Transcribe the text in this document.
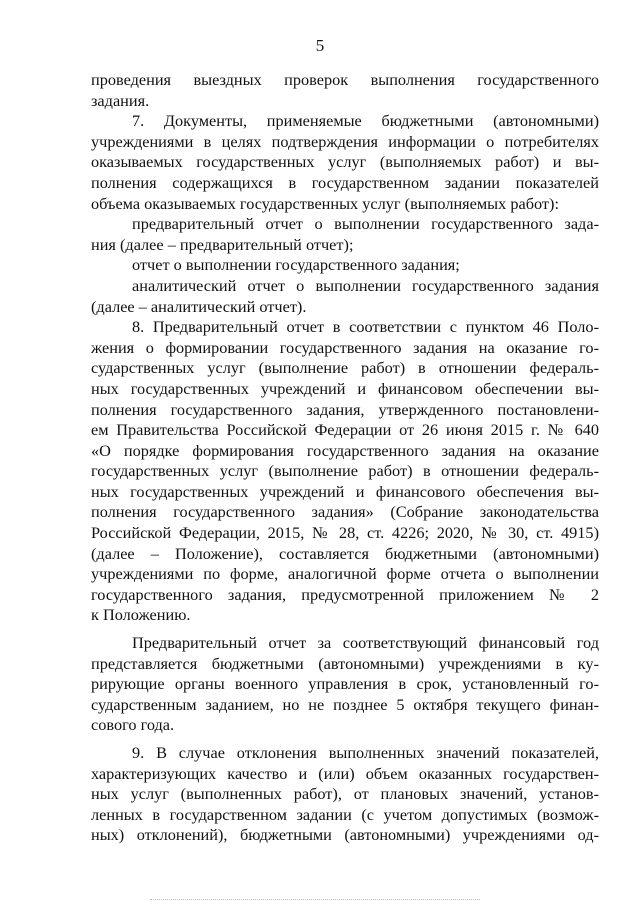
5
проведения выездных проверок выполнения государственного
задания.
7. Документы, применяемые бюджетными (автономными)
учреждениями в целях подтверждения информации о потребителях
оказываемых государственных услуг (выполняемых работ) и вы-
полнения содержащихся в государственном задании показателей
объема оказываемых государственных услуг (выполняемых работ):
предварительный отчет о выполнении государственного зада-
ния (далее – предварительный отчет);
отчет о выполнении государственного задания;
аналитический отчет о выполнении государственного задания
(далее – аналитический отчет).
8. Предварительный отчет в соответствии с пунктом 46 Поло-
жения о формировании государственного задания на оказание го-
сударственных услуг (выполнение работ) в отношении федераль-
ных государственных учреждений и финансовом обеспечении вы-
полнения государственного задания, утвержденного постановлени-
ем Правительства Российской Федерации от 26 июня 2015 г. № 640
«О порядке формирования государственного задания на оказание
государственных услуг (выполнение работ) в отношении федераль-
ных государственных учреждений и финансового обеспечения вы-
полнения государственного задания» (Собрание законодательства
Российской Федерации, 2015, № 28, ст. 4226; 2020, № 30, ст. 4915)
(далее – Положение), составляется бюджетными (автономными)
учреждениями по форме, аналогичной форме отчета о выполнении
государственного задания, предусмотренной приложением № 2
к Положению.
Предварительный отчет за соответствующий финансовый год
представляется бюджетными (автономными) учреждениями в ку-
рирующие органы военного управления в срок, установленный го-
сударственным заданием, но не позднее 5 октября текущего финан-
сового года.
9. В случае отклонения выполненных значений показателей,
характеризующих качество и (или) объем оказанных государствен-
ных услуг (выполненных работ), от плановых значений, установ-
ленных в государственном задании (с учетом допустимых (возмож-
ных) отклонений), бюджетными (автономными) учреждениями од-
